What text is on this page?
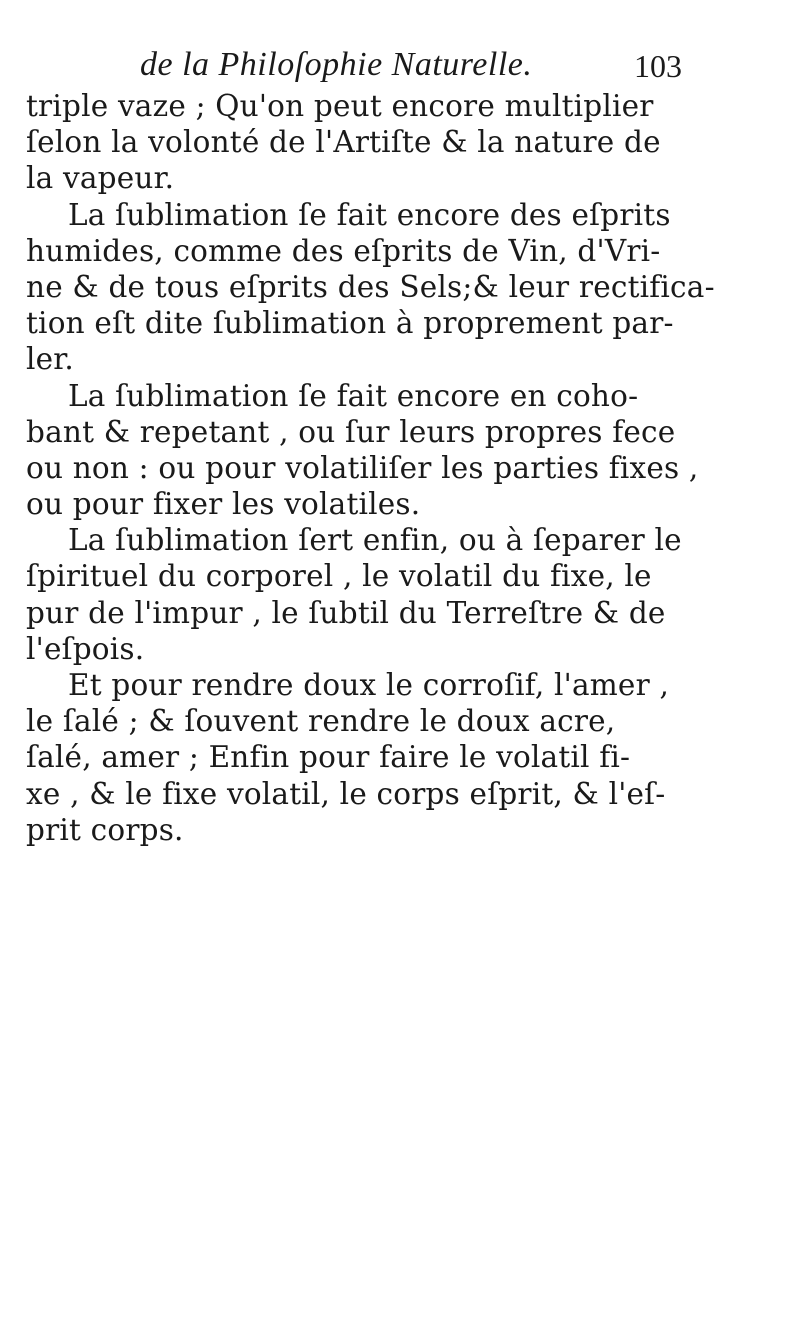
de la Philoſophie Naturelle.	103
triple vaze ; Qu'on peut encore multiplier
ſelon la volonté de l'Artiſte & la nature de
la vapeur.
La ſublimation ſe fait encore des eſprits
humides, comme des eſprits de Vin, d'Vri-
ne & de tous eſprits des Sels;& leur rectifica-
tion eſt dite ſublimation à proprement par-
ler.
La ſublimation ſe fait encore en coho-
bant & repetant , ou ſur leurs propres fece
ou non : ou pour volatiliſer les parties fixes ,
ou pour fixer les volatiles.
La ſublimation ſert enfin, ou à ſeparer le
ſpirituel du corporel , le volatil du fixe, le
pur de l'impur , le ſubtil du Terreſtre & de
l'eſpois.
Et pour rendre doux le corroſif, l'amer ,
le ſalé ; & ſouvent rendre le doux acre,
ſalé, amer ; Enfin pour faire le volatil fi-
xe , & le fixe volatil, le corps eſprit, & l'eſ-
prit corps.
